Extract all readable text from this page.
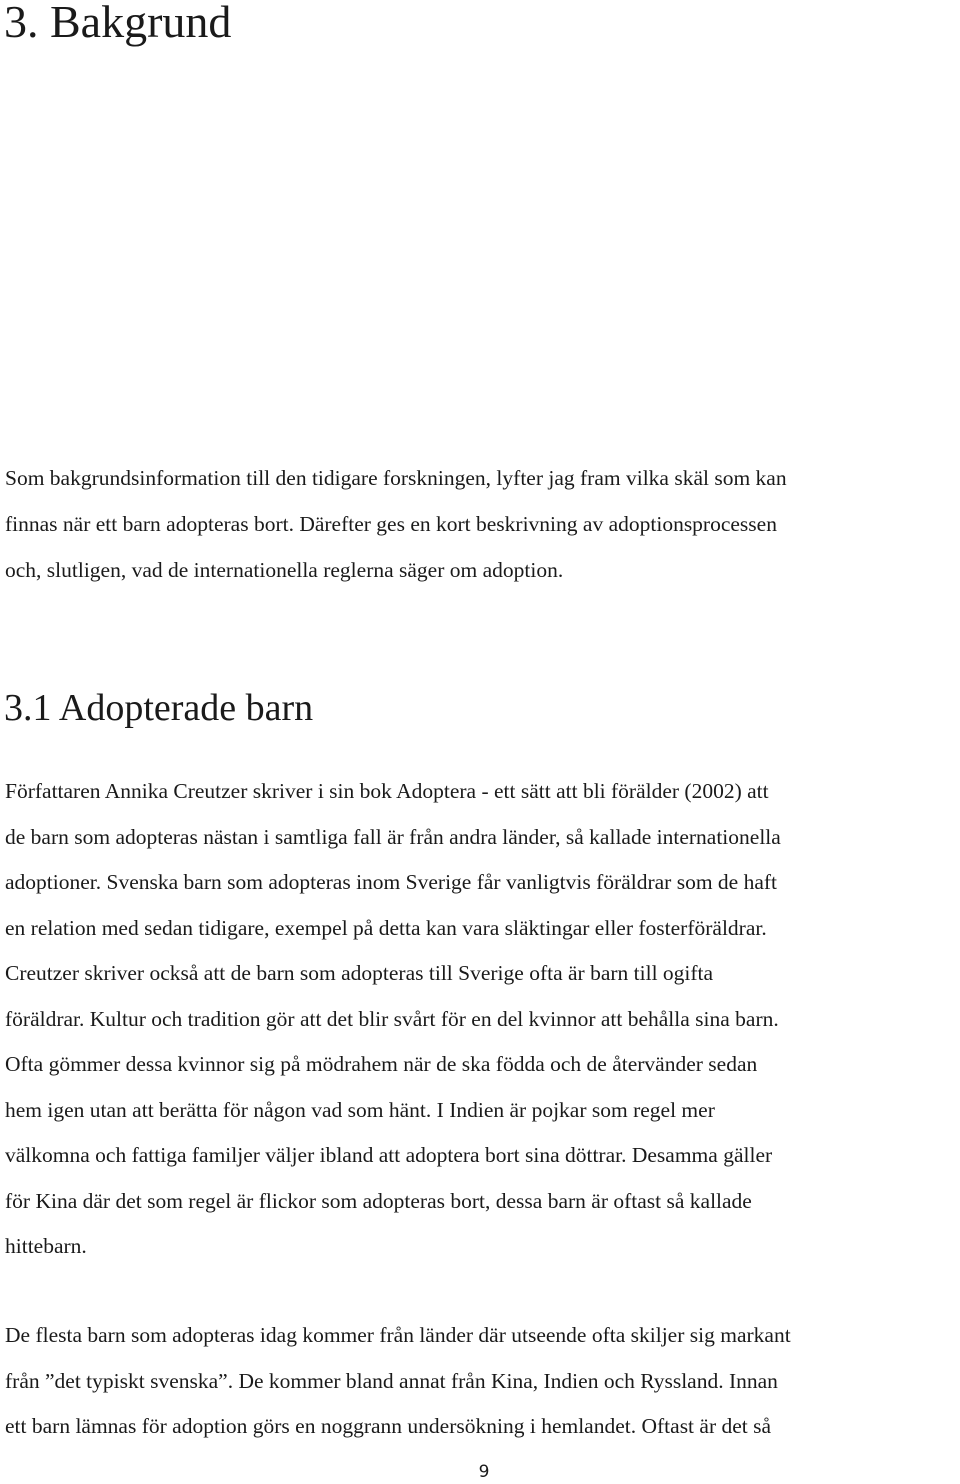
3. Bakgrund
Som bakgrundsinformation till den tidigare forskningen, lyfter jag fram vilka skäl som kan
finnas när ett barn adopteras bort. Därefter ges en kort beskrivning av adoptionsprocessen
och, slutligen, vad de internationella reglerna säger om adoption.
3.1 Adopterade barn
Författaren Annika Creutzer skriver i sin bok Adoptera - ett sätt att bli förälder (2002) att
de barn som adopteras nästan i samtliga fall är från andra länder, så kallade internationella
adoptioner. Svenska barn som adopteras inom Sverige får vanligtvis föräldrar som de haft
en relation med sedan tidigare, exempel på detta kan vara släktingar eller fosterföräldrar.
Creutzer skriver också att de barn som adopteras till Sverige ofta är barn till ogifta
föräldrar. Kultur och tradition gör att det blir svårt för en del kvinnor att behålla sina barn.
Ofta gömmer dessa kvinnor sig på mödrahem när de ska födda och de återvänder sedan
hem igen utan att berätta för någon vad som hänt. I Indien är pojkar som regel mer
välkomna och fattiga familjer väljer ibland att adoptera bort sina döttrar. Desamma gäller
för Kina där det som regel är flickor som adopteras bort, dessa barn är oftast så kallade
hittebarn.
De flesta barn som adopteras idag kommer från länder där utseende ofta skiljer sig markant
från ”det typiskt svenska”. De kommer bland annat från Kina, Indien och Ryssland. Innan
ett barn lämnas för adoption görs en noggrann undersökning i hemlandet. Oftast är det så
9
